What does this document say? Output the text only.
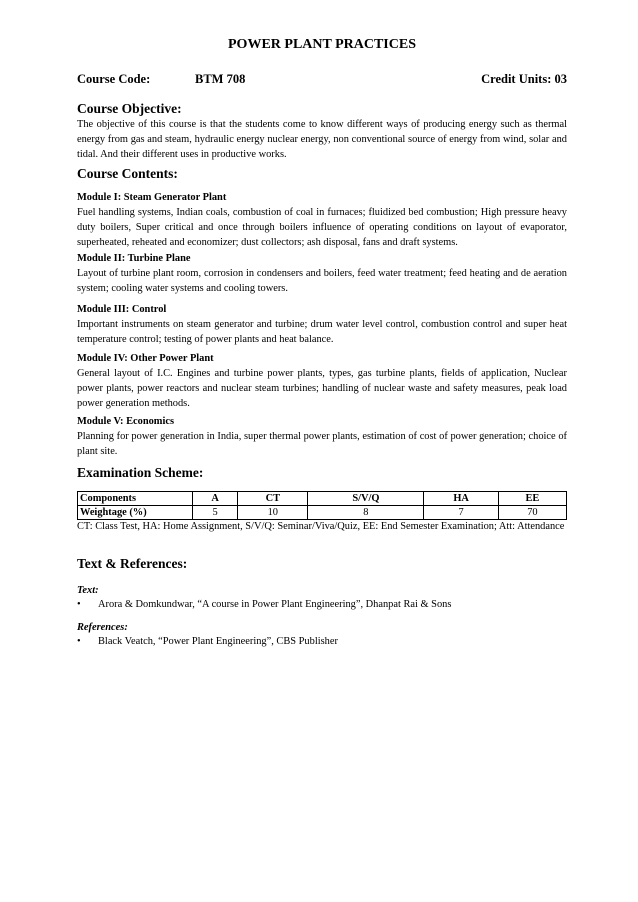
POWER PLANT PRACTICES
Course Code:	BTM 708	Credit Units: 03
Course Objective:

The objective of this course is that the students come to know different ways of producing energy such as thermal energy from gas and steam, hydraulic energy nuclear energy, non conventional source of energy from wind, solar and tidal. And their different uses in productive works.

Course Contents:

Module I: Steam Generator Plant

Fuel handling systems, Indian coals, combustion of coal in furnaces; fluidized bed combustion; High pressure heavy duty boilers, Super critical and once through boilers influence of operating conditions on layout of evaporator, superheated, reheated and economizer; dust collectors; ash disposal, fans and draft systems.

Module II: Turbine Plane

Layout of turbine plant room, corrosion in condensers and boilers, feed water treatment; feed heating and de aeration system; cooling water systems and cooling towers.

Module III: Control

Important instruments on steam generator and turbine; drum water level control, combustion control and super heat temperature control; testing of power plants and heat balance.

Module IV: Other Power Plant

General layout of I.C. Engines and turbine power plants, types, gas turbine plants, fields of application, Nuclear power plants, power reactors and nuclear steam turbines; handling of nuclear waste and safety measures, peak load power generation methods.

Module V: Economics

Planning for power generation in India, super thermal power plants, estimation of cost of power generation; choice of plant site.

Examination Scheme:
Components	A	CT	S/V/Q	HA	EE
Weightage (%)	5	10	8	7	70

CT: Class Test, HA: Home Assignment, S/V/Q: Seminar/Viva/Quiz, EE: End Semester Examination; Att: Attendance

Text & References:

Text:

• Arora & Domkundwar, “A course in Power Plant Engineering”, Dhanpat Rai & Sons

References:

• Black Veatch, “Power Plant Engineering”, CBS Publisher
